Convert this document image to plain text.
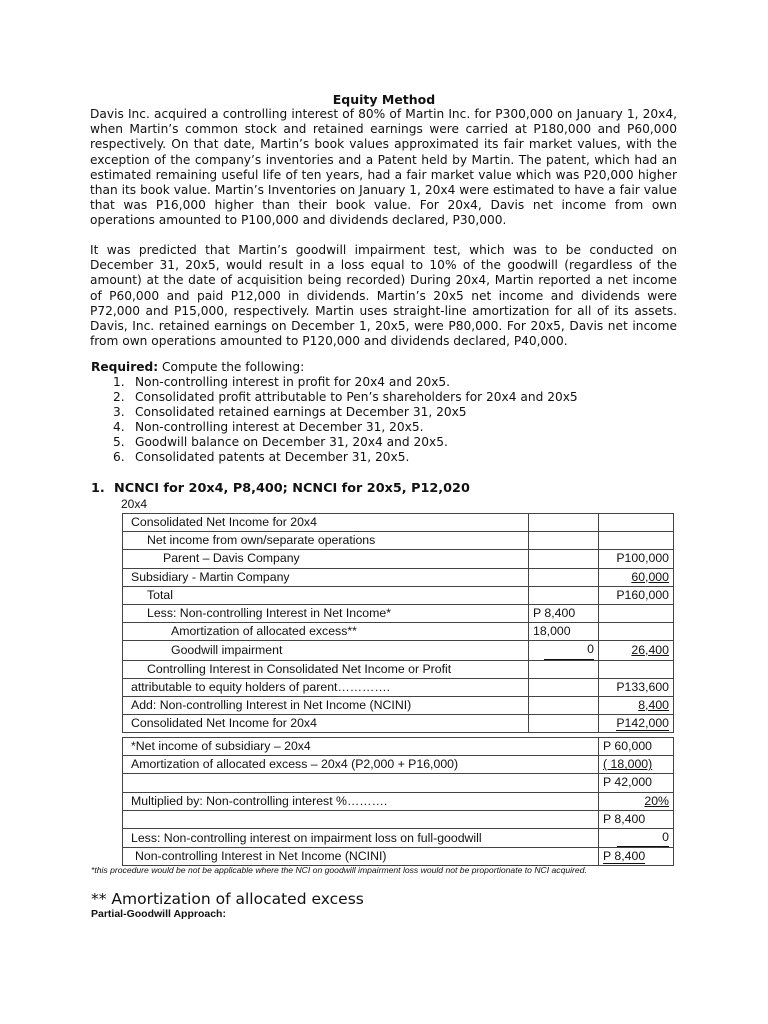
Equity Method
Davis Inc. acquired a controlling interest of 80% of Martin Inc. for P300,000 on January 1, 20x4, when Martin’s common stock and retained earnings were carried at P180,000 and P60,000 respectively. On that date, Martin’s book values approximated its fair market values, with the exception of the company’s inventories and a Patent held by Martin. The patent, which had an estimated remaining useful life of ten years, had a fair market value which was P20,000 higher than its book value. Martin’s Inventories on January 1, 20x4 were estimated to have a fair value that was P16,000 higher than their book value. For 20x4, Davis net income from own operations amounted to P100,000 and dividends declared, P30,000.
It was predicted that Martin’s goodwill impairment test, which was to be conducted on December 31, 20x5, would result in a loss equal to 10% of the goodwill (regardless of the amount) at the date of acquisition being recorded) During 20x4, Martin reported a net income of P60,000 and paid P12,000 in dividends. Martin’s 20x5 net income and dividends were P72,000 and P15,000, respectively. Martin uses straight-line amortization for all of its assets. Davis, Inc. retained earnings on December 1, 20x5, were P80,000. For 20x5, Davis net income from own operations amounted to P120,000 and dividends declared, P40,000.
Required: Compute the following:
1. Non-controlling interest in profit for 20x4 and 20x5.
2. Consolidated profit attributable to Pen’s shareholders for 20x4 and 20x5
3. Consolidated retained earnings at December 31, 20x5
4. Non-controlling interest at December 31, 20x5.
5. Goodwill balance on December 31, 20x4 and 20x5.
6. Consolidated patents at December 31, 20x5.
1. NCNCI for 20x4, P8,400; NCNCI for 20x5, P12,020
20x4
Consolidated Net Income for 20x4		
Net income from own/separate operations		
Parent – Davis Company		P100,000
Subsidiary - Martin Company		60,000
Total		P160,000
Less: Non-controlling Interest in Net Income*	P 8,400	
Amortization of allocated excess**	18,000	
Goodwill impairment	0	26,400
Controlling Interest in Consolidated Net Income or Profit		
attributable to equity holders of parent………….		P133,600
Add: Non-controlling Interest in Net Income (NCINI)		8,400
Consolidated Net Income for 20x4		P142,000
*Net income of subsidiary – 20x4	P 60,000
Amortization of allocated excess – 20x4 (P2,000 + P16,000)	( 18,000)
	P 42,000
Multiplied by: Non-controlling interest %……….	20%
	P 8,400
Less: Non-controlling interest on impairment loss on full-goodwill	0
Non-controlling Interest in Net Income (NCINI)	P 8,400
*this procedure would be not be applicable where the NCI on goodwill impairment loss would not be proportionate to NCI acquired.
** Amortization of allocated excess
Partial-Goodwill Approach:
